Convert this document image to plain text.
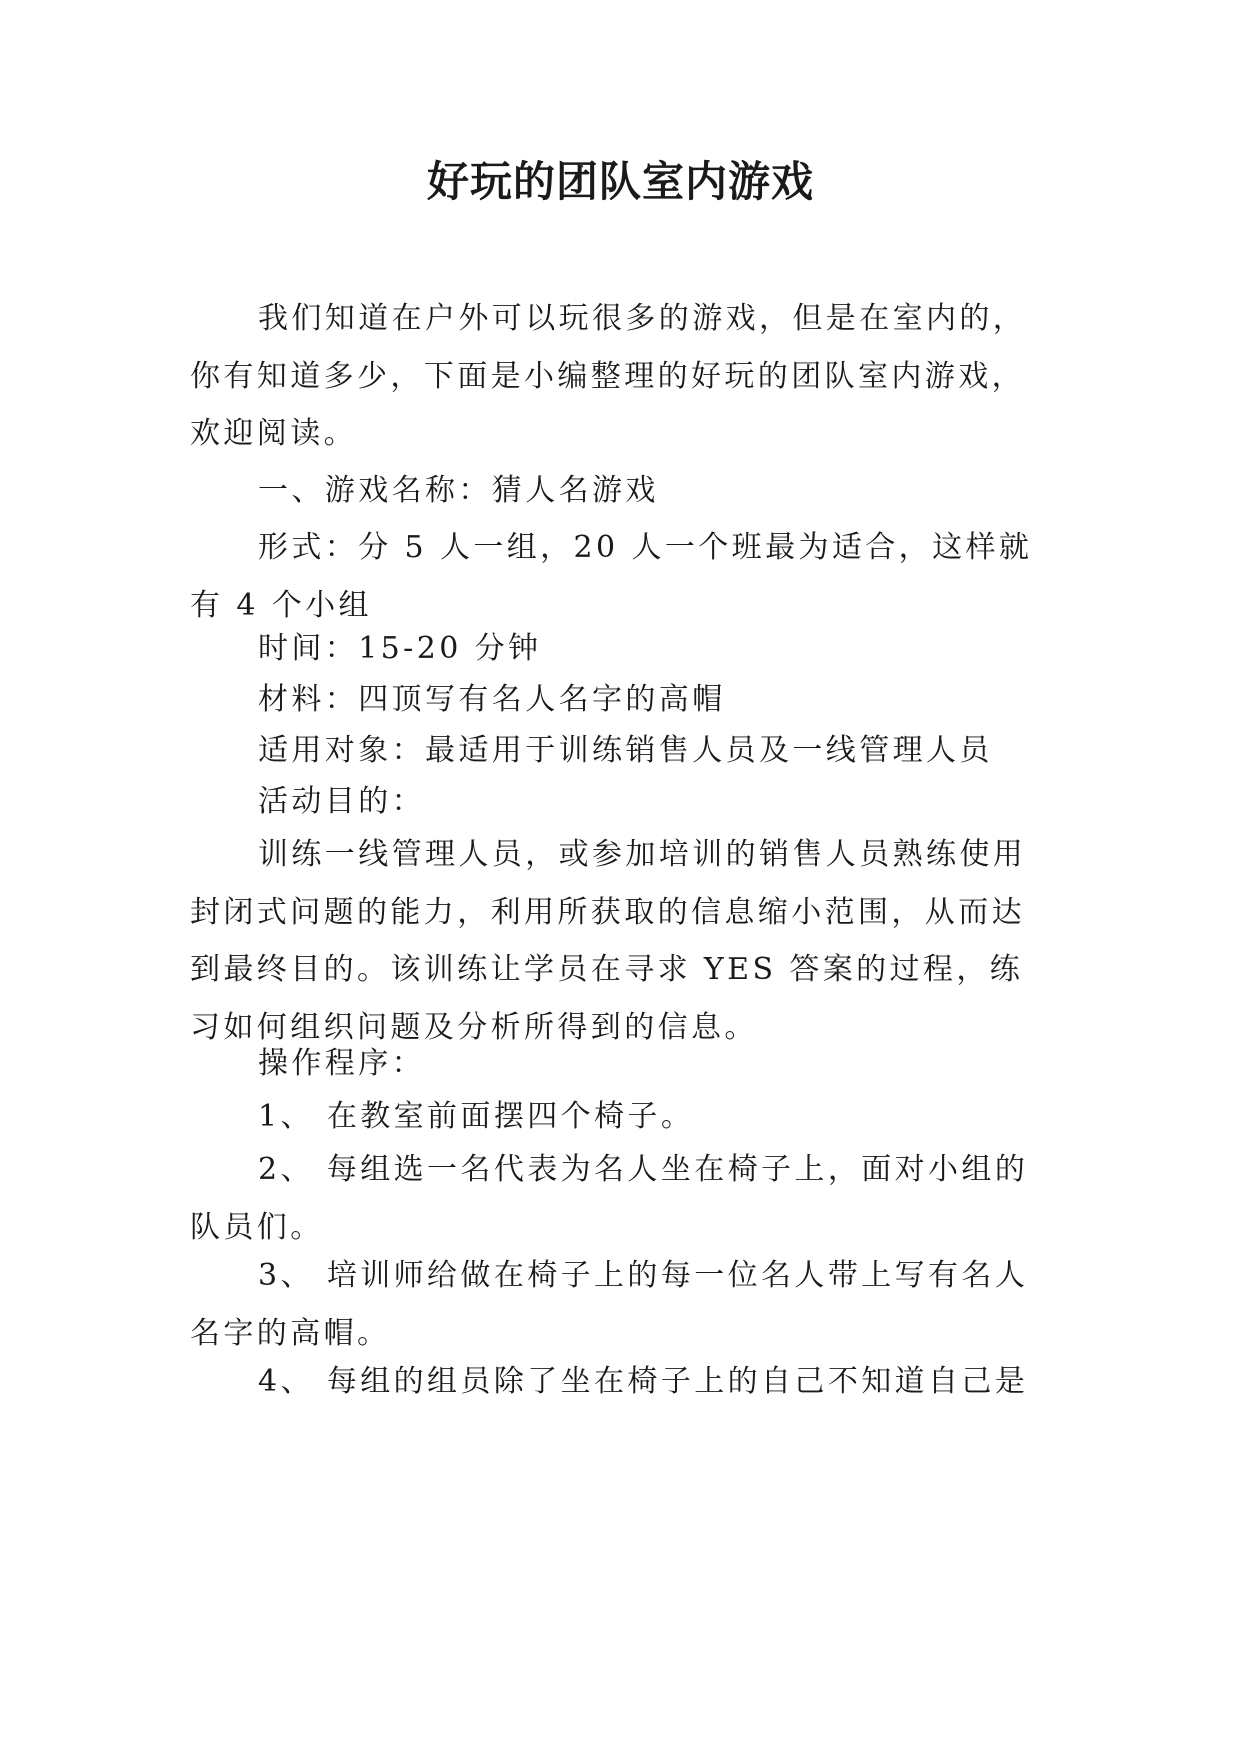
好玩的团队室内游戏

我们知道在户外可以玩很多的游戏，但是在室内的，你有知道多少，下面是小编整理的好玩的团队室内游戏，欢迎阅读。

一、游戏名称：猜人名游戏

形式：分 5 人一组，20 人一个班最为适合，这样就有 4 个小组

时间：15-20 分钟

材料：四顶写有名人名字的高帽

适用对象：最适用于训练销售人员及一线管理人员

活动目的：

训练一线管理人员，或参加培训的销售人员熟练使用封闭式问题的能力，利用所获取的信息缩小范围，从而达到最终目的。该训练让学员在寻求 YES 答案的过程，练习如何组织问题及分析所得到的信息。

操作程序：

1、 在教室前面摆四个椅子。

2、 每组选一名代表为名人坐在椅子上，面对小组的队员们。

3、 培训师给做在椅子上的每一位名人带上写有名人名字的高帽。

4、 每组的组员除了坐在椅子上的自己不知道自己是
